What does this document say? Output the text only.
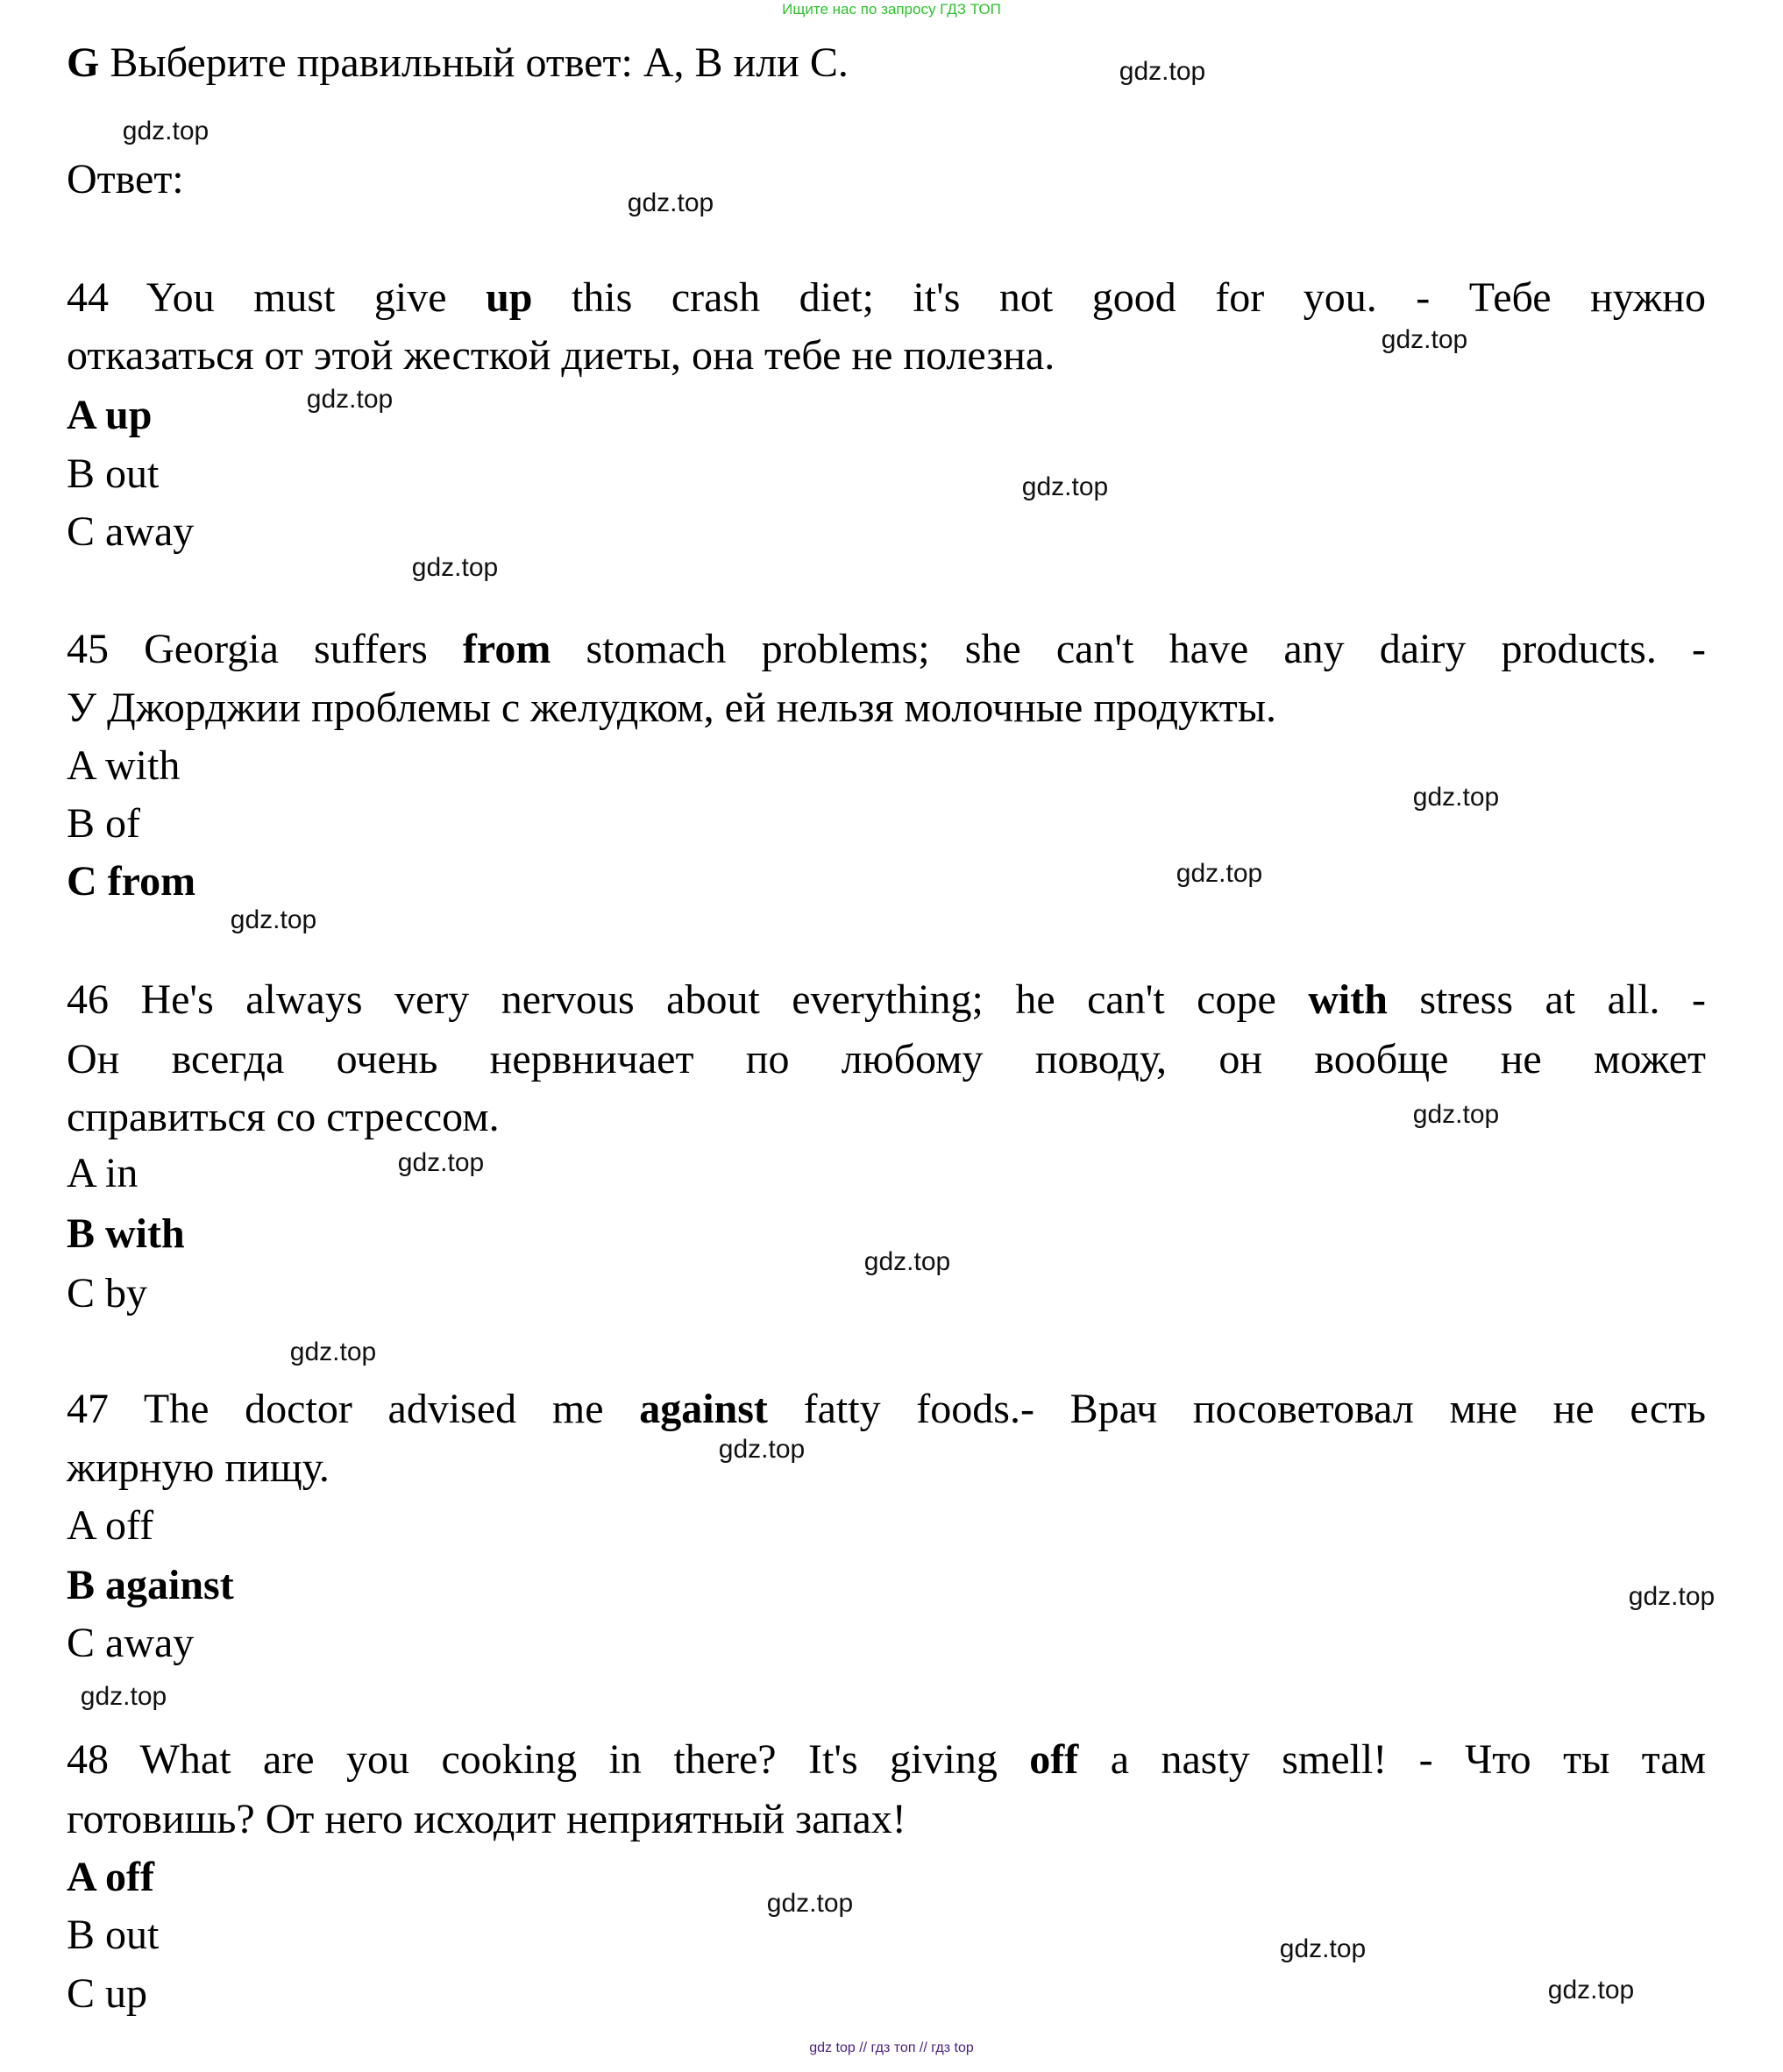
Ищите нас по запросу ГДЗ ТОП
G Выберите правильный ответ: A, B или C.
Ответ:
44 You must give up this crash diet; it's not good for you. - Тебе нужно
отказаться от этой жесткой диеты, она тебе не полезна.
A up
B out
C away
45 Georgia suffers from stomach problems; she can't have any dairy products. -
У Джорджии проблемы с желудком, ей нельзя молочные продукты.
A with
B of
C from
46 He's always very nervous about everything; he can't cope with stress at all. -
Он всегда очень нервничает по любому поводу, он вообще не может
справиться со стрессом.
A in
B with
C by
47 The doctor advised me against fatty foods.- Врач посоветовал мне не есть
жирную пищу.
A off
B against
C away
48 What are you cooking in there? It's giving off a nasty smell! - Что ты там
готовишь? От него исходит неприятный запах!
A off
B out
C up
gdz.top
gdz.top
gdz.top
gdz.top
gdz.top
gdz.top
gdz.top
gdz.top
gdz.top
gdz.top
gdz.top
gdz.top
gdz.top
gdz.top
gdz.top
gdz.top
gdz.top
gdz.top
gdz.top
gdz.top
gdz top // гдз топ // гдз top
